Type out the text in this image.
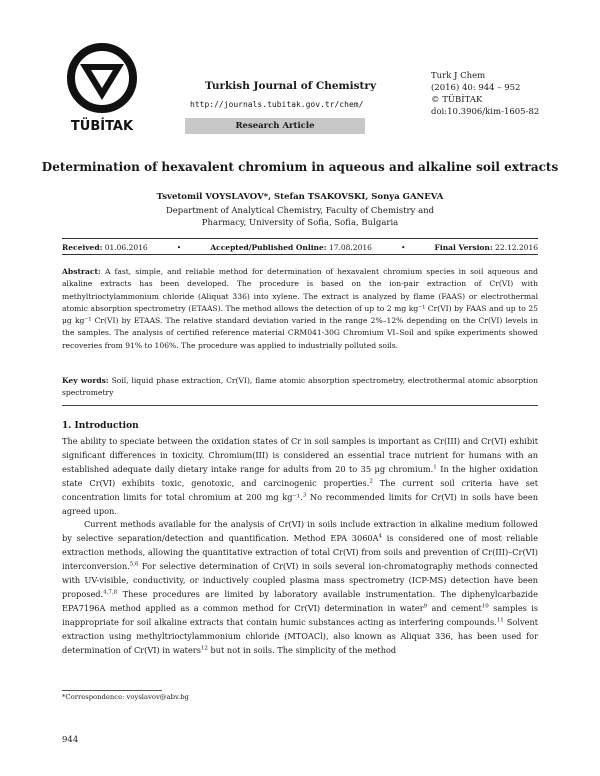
TÜBİTAK
Turkish Journal of Chemistry
http://journals.tubitak.gov.tr/chem/
Research Article
Turk J Chem
(2016) 40: 944 – 952
© TÜBİTAK
doi:10.3906/kim-1605-82
Determination of hexavalent chromium in aqueous and alkaline soil extracts
Tsvetomil VOYSLAVOV*, Stefan TSAKOVSKI, Sonya GANEVA
Department of Analytical Chemistry, Faculty of Chemistry and Pharmacy, University of Sofia, Sofia, Bulgaria
Received: 01.06.2016	•	Accepted/Published Online: 17.08.2016	•	Final Version: 22.12.2016
Abstract: A fast, simple, and reliable method for determination of hexavalent chromium species in soil aqueous and alkaline extracts has been developed. The procedure is based on the ion-pair extraction of Cr(VI) with methyltrioctylammonium chloride (Aliquat 336) into xylene. The extract is analyzed by flame (FAAS) or electrothermal atomic absorption spectrometry (ETAAS). The method allows the detection of up to 2 mg kg⁻¹ Cr(VI) by FAAS and up to 25 μg kg⁻¹ Cr(VI) by ETAAS. The relative standard deviation varied in the range 2%–12% depending on the Cr(VI) levels in the samples. The analysis of certified reference material CRM041-30G Chromium VI–Soil and spike experiments showed recoveries from 91% to 106%. The procedure was applied to industrially polluted soils.
Key words: Soil, liquid phase extraction, Cr(VI), flame atomic absorption spectrometry, electrothermal atomic absorption spectrometry
1. Introduction

The ability to speciate between the oxidation states of Cr in soil samples is important as Cr(III) and Cr(VI) exhibit significant differences in toxicity. Chromium(III) is considered an essential trace nutrient for humans with an established adequate daily dietary intake range for adults from 20 to 35 μg chromium.$^1$ In the higher oxidation state Cr(VI) exhibits toxic, genotoxic, and carcinogenic properties.$^2$ The current soil criteria have set concentration limits for total chromium at 200 mg kg⁻¹.$^3$ No recommended limits for Cr(VI) in soils have been agreed upon.

Current methods available for the analysis of Cr(VI) in soils include extraction in alkaline medium followed by selective separation/detection and quantification. Method EPA $3060A^4$ is considered one of most reliable extraction methods, allowing the quantitative extraction of total Cr(VI) from soils and prevention of Cr(III)–Cr(VI) interconversion.$^{5,6}$ For selective determination of Cr(VI) in soils several ion-chromatography methods connected with UV-visible, conductivity, or inductively coupled plasma mass spectrometry (ICP-MS) detection have been proposed.$^{4,7,8}$ These procedures are limited by laboratory available instrumentation. The diphenylcarbazide EPA7196A method applied as a common method for Cr(VI) determination in water$^9$ and cement$^{10}$ samples is inappropriate for soil alkaline extracts that contain humic substances acting as interfering compounds.$^{11}$ Solvent extraction using methyltrioctylammonium chloride (MTOACl), also known as Aliquat 336, has been used for determination of Cr(VI) in waters$^{12}$ but not in soils. The simplicity of the method

*Correspondence: voyslavov@abv.bg
944
